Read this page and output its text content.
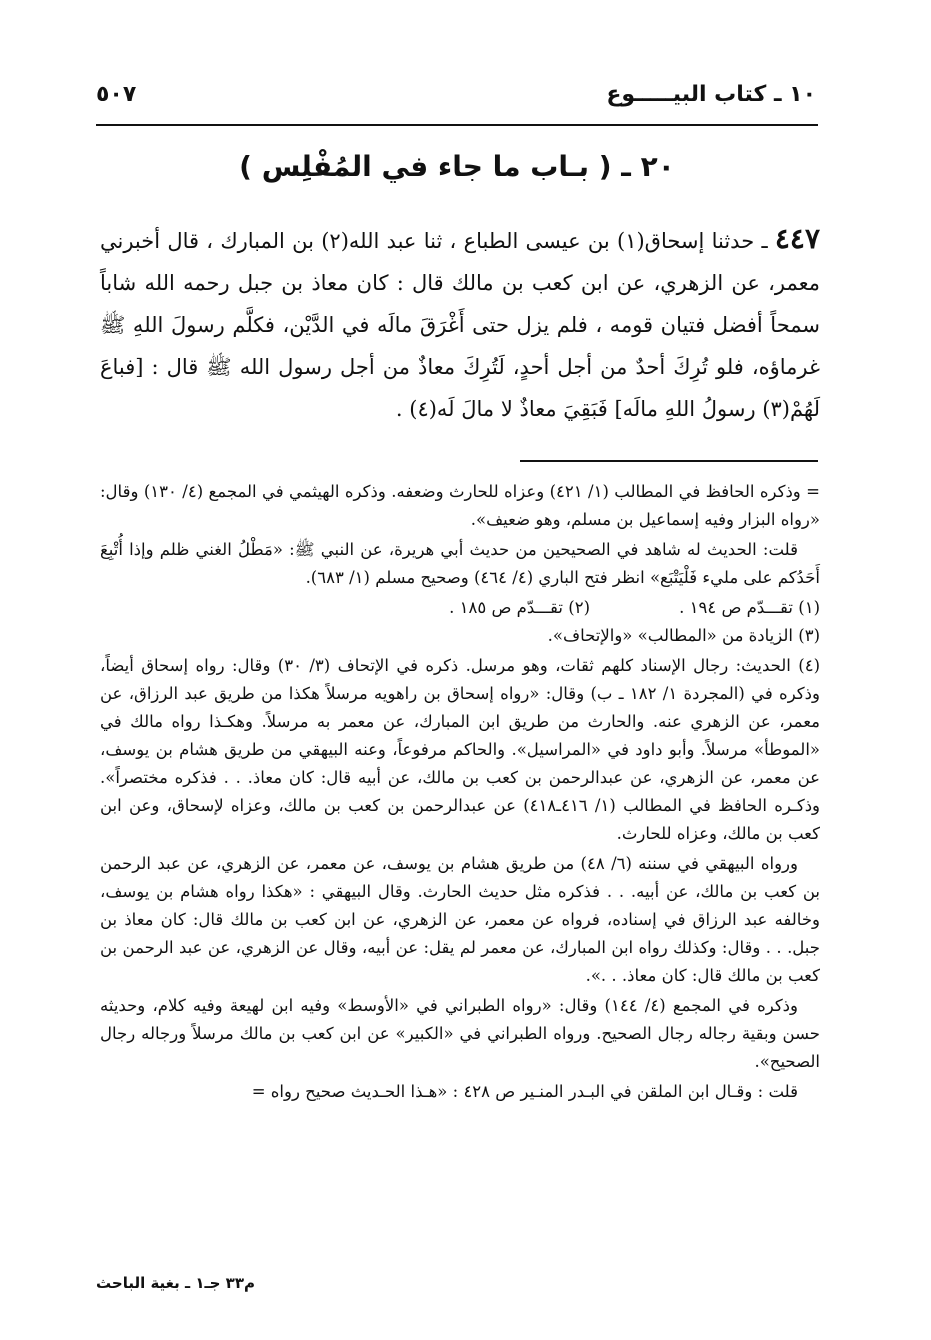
١٠ ـ كتاب البيـــــوع
٥٠٧
٢٠ ـ ( بـاب ما جاء في المُفْلِس )
٤٤٧ ـ حدثنا إسحاق(١) بن عيسى الطباع ، ثنا عبد الله(٢) بن المبارك ، قال أخبرني معمر، عن الزهري، عن ابن كعب بن مالك قال : كان معاذ بن جبل رحمه الله شاباً سمحاً أفضل فتيان قومه ، فلم يزل حتى أَغْرَقَ مالَه في الدَّيْن، فكلَّم رسولَ اللهِ ﷺ غرماؤه، فلو تُرِكَ أحدٌ من أجل أحدٍ، لَتُرِكَ معاذٌ من أجل رسول الله ﷺ قال : [فباعَ لَهُمْ(٣) رسولُ اللهِ مالَه] فَبَقِيَ معاذٌ لا مالَ لَه(٤) .

= وذكره الحافظ في المطالب (١/ ٤٢١) وعزاه للحارث وضعفه. وذكره الهيثمي في المجمع (٤/ ١٣٠) وقال: «رواه البزار وفيه إسماعيل بن مسلم، وهو ضعيف».

قلت: الحديث له شاهد في الصحيحين من حديث أبي هريرة، عن النبي ﷺ: «مَطْلُ الغني ظلم وإذا أُتْبِعَ أَحَدُكم على مليء فَلْيَتْبَع» انظر فتح الباري (٤/ ٤٦٤) وصحيح مسلم (١/ ٦٨٣).

(١) تقـــدّم ص ١٩٤ .
(٢) تقـــدّم ص ١٨٥ .

(٣) الزيادة من «المطالب» «والإتحاف».

(٤) الحديث: رجال الإسناد كلهم ثقات، وهو مرسل. ذكره في الإتحاف (٣/ ٣٠) وقال: رواه إسحاق أيضاً، وذكره في (المجردة ١/ ١٨٢ ـ ب) وقال: «رواه إسحاق بن راهويه مرسلاً هكذا من طريق عبد الرزاق، عن معمر، عن الزهري عنه. والحارث من طريق ابن المبارك، عن معمر به مرسلاً. وهكـذا رواه مالك في «الموطأ» مرسلاً. وأبو داود في «المراسيل». والحاكم مرفوعاً، وعنه البيهقي من طريق هشام بن يوسف، عن معمر، عن الزهري، عن عبدالرحمن بن كعب بن مالك، عن أبيه قال: كان معاذ. . . فذكره مختصراً». وذكـره الحافظ في المطالب (١/ ٤١٦ـ٤١٨) عن عبدالرحمن بن كعب بن مالك، وعزاه لإسحاق، وعن ابن كعب بن مالك، وعزاه للحارث.

ورواه البيهقي في سننه (٦/ ٤٨) من طريق هشام بن يوسف، عن معمر، عن الزهري، عن عبد الرحمن بن كعب بن مالك، عن أبيه. . . فذكره مثل حديث الحارث. وقال البيهقي : «هكذا رواه هشام بن يوسف، وخالفه عبد الرزاق في إسناده، فرواه عن معمر، عن الزهري، عن ابن كعب بن مالك قال: كان معاذ بن جبل. . . وقال: وكذلك رواه ابن المبارك، عن معمر لم يقل: عن أبيه، وقال عن الزهري، عن عبد الرحمن بن كعب بن مالك قال: كان معاذ. . .».

وذكره في المجمع (٤/ ١٤٤) وقال: «رواه الطبراني في «الأوسط» وفيه ابن لهيعة وفيه كلام، وحديثه حسن وبقية رجاله رجال الصحيح. ورواه الطبراني في «الكبير» عن ابن كعب بن مالك مرسلاً ورجاله رجال الصحيح».

قلت : وقـال ابن الملقن في البـدر المنـير ص ٤٢٨ : «هـذا الحـديث صحيح رواه =

م٣٣ جـ١ ـ بغية الباحث
